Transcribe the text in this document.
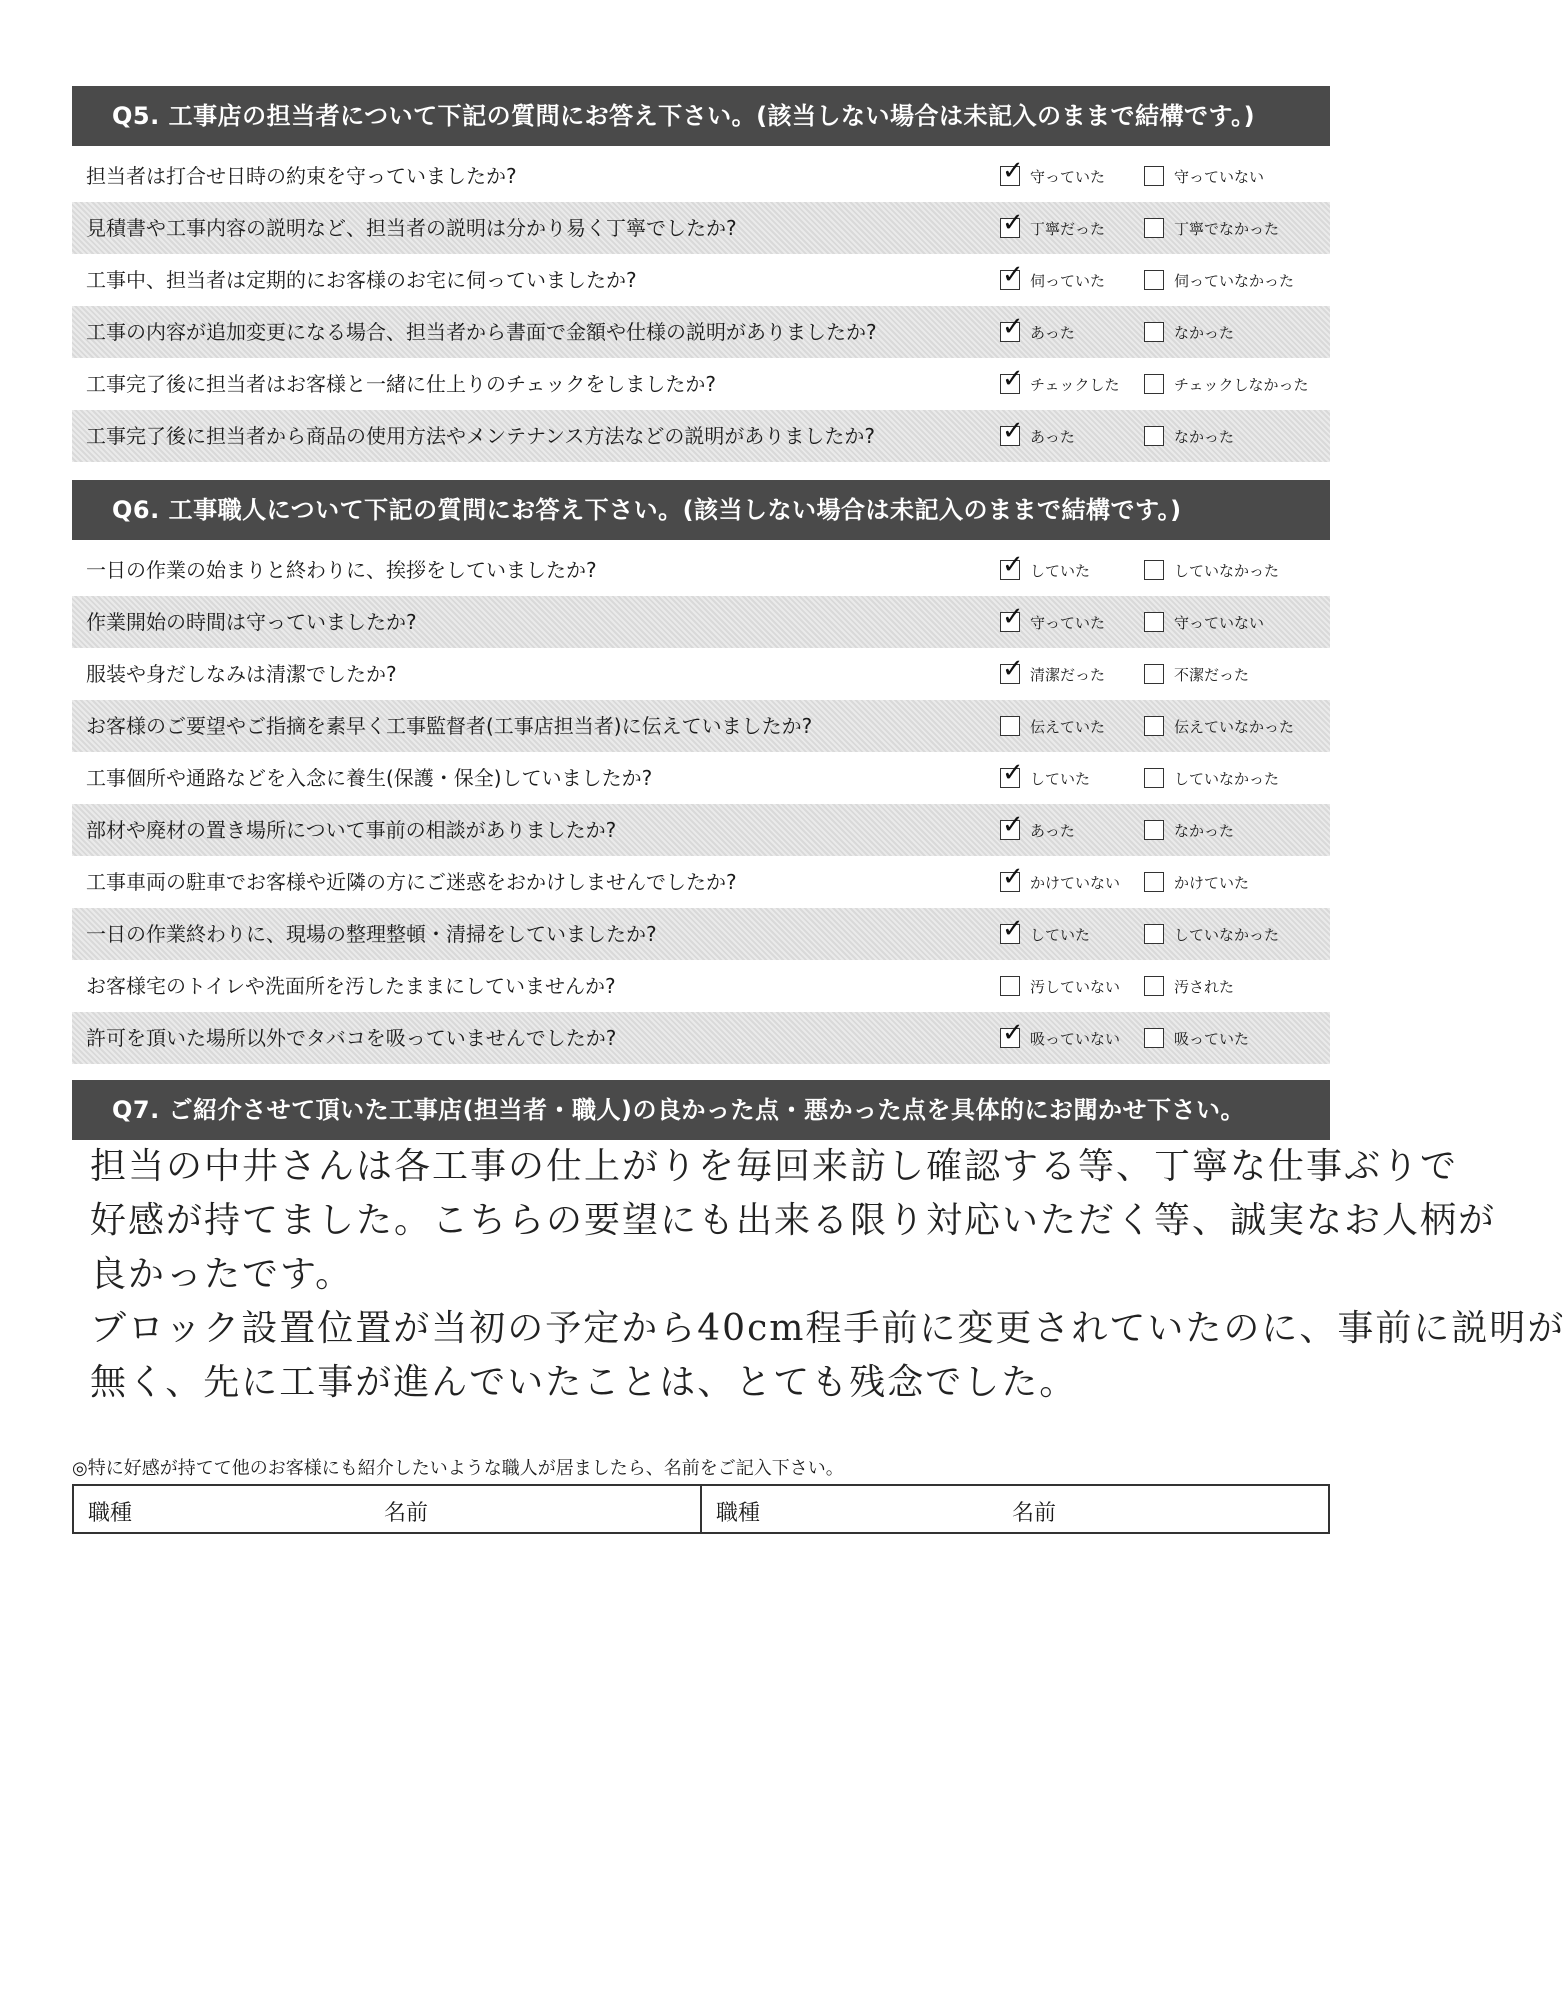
Q5. 工事店の担当者について下記の質問にお答え下さい。(該当しない場合は未記入のままで結構です。)
担当者は打合せ日時の約束を守っていましたか?	✓ 守っていた	守っていない
見積書や工事内容の説明など、担当者の説明は分かり易く丁寧でしたか?	✓ 丁寧だった	丁寧でなかった
工事中、担当者は定期的にお客様のお宅に伺っていましたか?	✓ 伺っていた	伺っていなかった
工事の内容が追加変更になる場合、担当者から書面で金額や仕様の説明がありましたか?	✓ あった	なかった
工事完了後に担当者はお客様と一緒に仕上りのチェックをしましたか?	✓ チェックした	チェックしなかった
工事完了後に担当者から商品の使用方法やメンテナンス方法などの説明がありましたか?	✓ あった	なかった
Q6. 工事職人について下記の質問にお答え下さい。(該当しない場合は未記入のままで結構です。)
一日の作業の始まりと終わりに、挨拶をしていましたか?	✓ していた	していなかった
作業開始の時間は守っていましたか?	✓ 守っていた	守っていない
服装や身だしなみは清潔でしたか?	✓ 清潔だった	不潔だった
お客様のご要望やご指摘を素早く工事監督者(工事店担当者)に伝えていましたか?	伝えていた	伝えていなかった
工事個所や通路などを入念に養生(保護・保全)していましたか?	✓ していた	していなかった
部材や廃材の置き場所について事前の相談がありましたか?	✓ あった	なかった
工事車両の駐車でお客様や近隣の方にご迷惑をおかけしませんでしたか?	✓ かけていない	かけていた
一日の作業終わりに、現場の整理整頓・清掃をしていましたか?	✓ していた	していなかった
お客様宅のトイレや洗面所を汚したままにしていませんか?	汚していない	汚された
許可を頂いた場所以外でタバコを吸っていませんでしたか?	✓ 吸っていない	吸っていた
Q7. ご紹介させて頂いた工事店(担当者・職人)の良かった点・悪かった点を具体的にお聞かせ下さい。
担当の中井さんは各工事の仕上がりを毎回来訪し確認する等、丁寧な仕事ぶりで
好感が持てました。こちらの要望にも出来る限り対応いただく等、誠実なお人柄が
良かったです。
ブロック設置位置が当初の予定から40cm程手前に変更されていたのに、事前に説明が
無く、先に工事が進んでいたことは、とても残念でした。
◎特に好感が持てて他のお客様にも紹介したいような職人が居ましたら、名前をご記入下さい。
職種	名前	職種	名前
